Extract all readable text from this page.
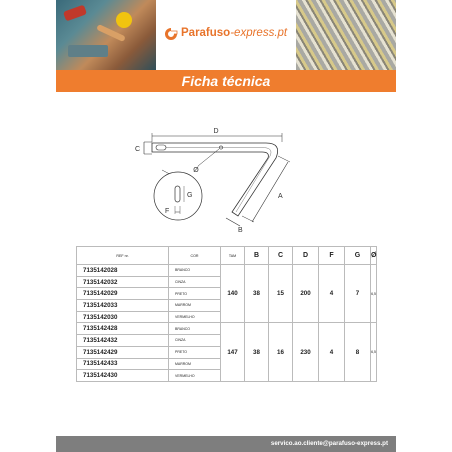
Parafuso-express.pt
Ficha técnica
C
D
Ø
A
B
F
G
REF nr.	COR	TAM	B	C	D	F	G	Ø
7135142028	BRANCO	140	38	15	200	4	7	6,5
7135142032	CINZA							
7135142029	PRETO							
7135142033	MARROM							
7135142030	VERMELHO							
7135142428	BRANCO	147	38	16	230	4	8	6,5
7135142432	CINZA							
7135142429	PRETO							
7135142433	MARROM							
7135142430	VERMELHO							
servico.ao.cliente@parafuso-express.pt
